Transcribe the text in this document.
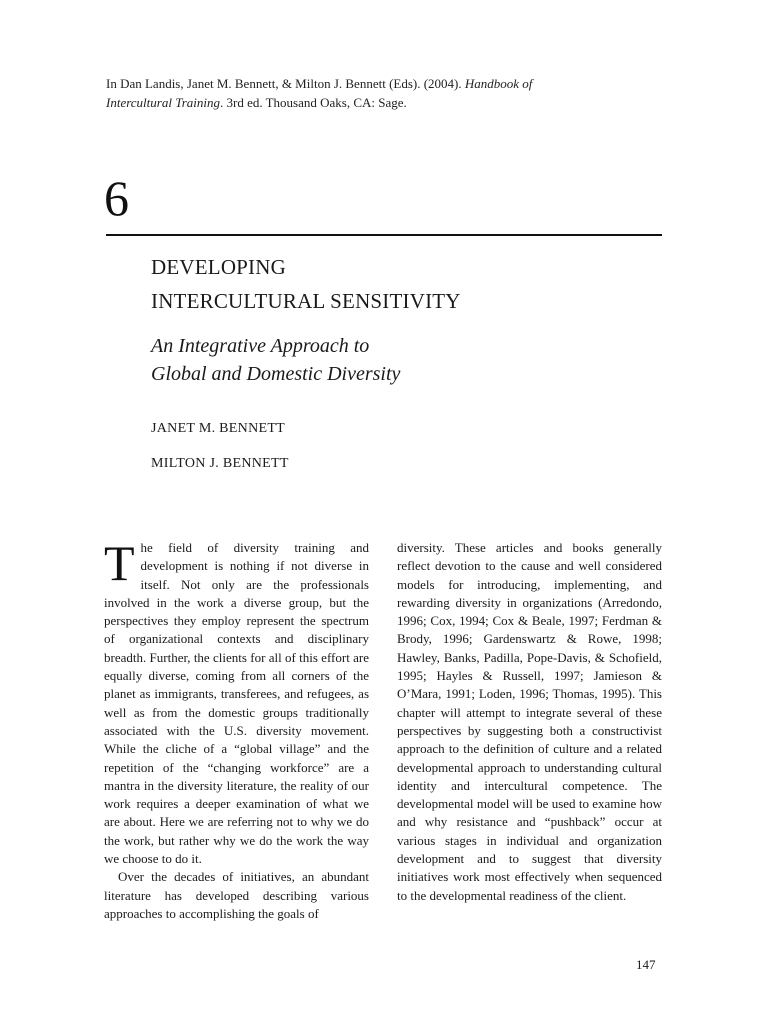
In Dan Landis, Janet M. Bennett, & Milton J. Bennett (Eds). (2004). Handbook of
Intercultural Training. 3rd ed. Thousand Oaks, CA: Sage.
6
DEVELOPING
INTERCULTURAL SENSITIVITY
An Integrative Approach to
Global and Domestic Diversity
JANET M. BENNETT
MILTON J. BENNETT

The field of diversity training and development is nothing if not diverse in itself. Not only are the professionals involved in the work a diverse group, but the perspectives they employ represent the spectrum of organizational contexts and disciplinary breadth. Further, the clients for all of this effort are equally diverse, coming from all corners of the planet as immigrants, transferees, and refugees, as well as from the domestic groups traditionally associated with the U.S. diversity movement. While the cliche of a “global village” and the repetition of the “changing workforce” are a mantra in the diversity literature, the reality of our work requires a deeper examination of what we are about. Here we are referring not to why we do the work, but rather why we do the work the way we choose to do it.

Over the decades of initiatives, an abundant literature has developed describing various approaches to accomplishing the goals of

diversity. These articles and books generally reflect devotion to the cause and well considered models for introducing, implementing, and rewarding diversity in organizations (Arredondo, 1996; Cox, 1994; Cox & Beale, 1997; Ferdman & Brody, 1996; Gardenswartz & Rowe, 1998; Hawley, Banks, Padilla, Pope-Davis, & Schofield, 1995; Hayles & Russell, 1997; Jamieson & O’Mara, 1991; Loden, 1996; Thomas, 1995). This chapter will attempt to integrate several of these perspectives by suggesting both a constructivist approach to the definition of culture and a related developmental approach to understanding cultural identity and intercultural competence. The developmental model will be used to examine how and why resistance and “pushback” occur at various stages in individual and organization development and to suggest that diversity initiatives work most effectively when sequenced to the developmental readiness of the client.

147
